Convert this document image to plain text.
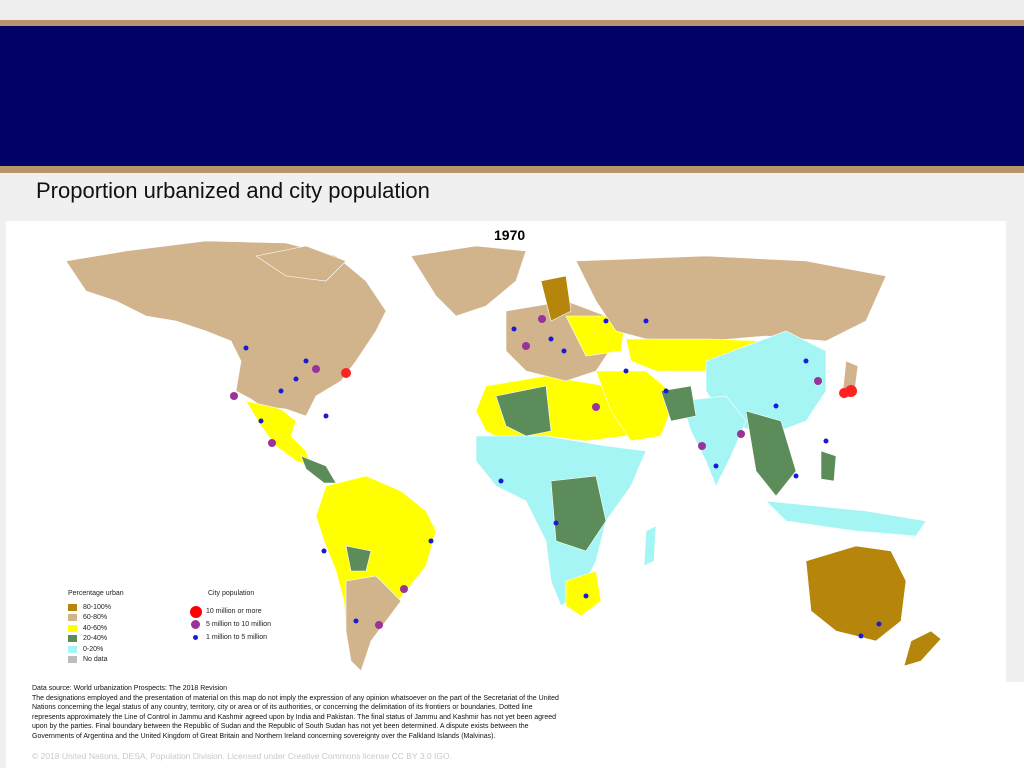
Proportion urbanized and city population
1970
Percentage urban
80-100%
60-80%
40-60%
20-40%
0-20%
No data
City population
10 million or more
5 million to 10 million
1 million to 5 million

Data source: World urbanization Prospects: The 2018 Revision

The designations employed and the presentation of material on this map do not imply the expression of any opinion whatsoever on the part of the Secretariat of the United Nations concerning the legal status of any country, territory, city or area or of its authorities, or concerning the delimitation of its frontiers or boundaries. Dotted line represents approximately the Line of Control in Jammu and Kashmir agreed upon by India and Pakistan. The final status of Jammu and Kashmir has not yet been agreed upon by the parties. Final boundary between the Republic of Sudan and the Republic of South Sudan has not yet been determined. A dispute exists between the Governments of Argentina and the United Kingdom of Great Britain and Northern Ireland concerning sovereignty over the Falkland Islands (Malvinas).

© 2018 United Nations, DESA, Population Division. Licensed under Creative Commons license CC BY 3.0 IGO.
